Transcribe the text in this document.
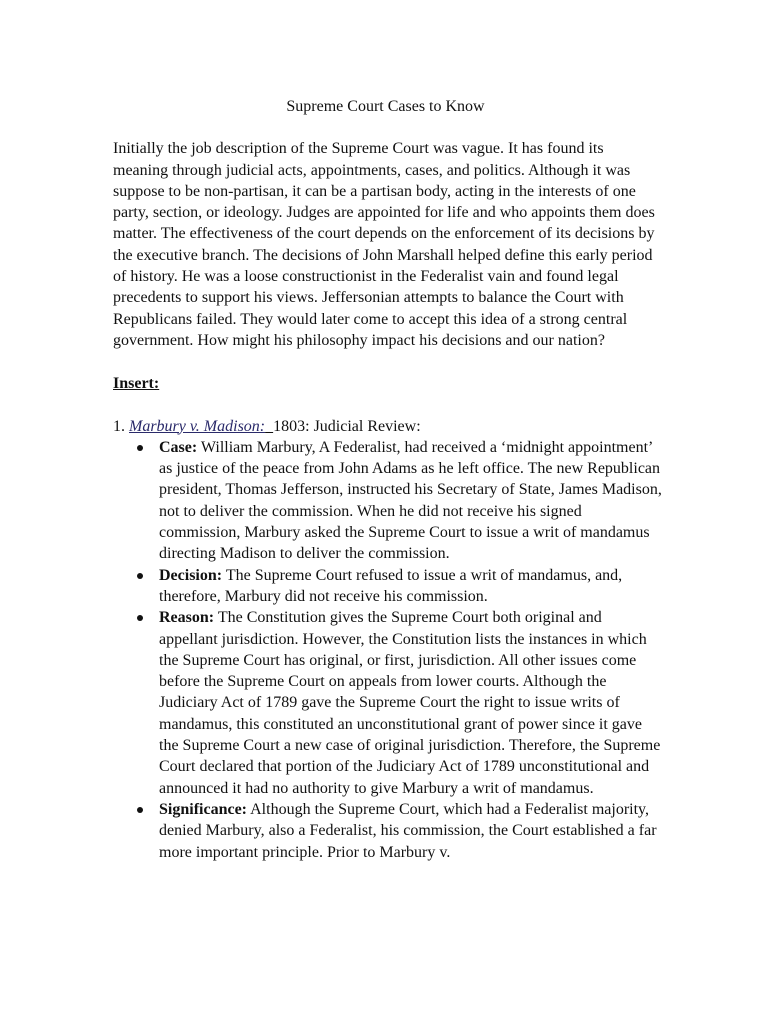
Supreme Court Cases to Know

Initially the job description of the Supreme Court was vague. It has found its meaning through judicial acts, appointments, cases, and politics. Although it was suppose to be non-partisan, it can be a partisan body, acting in the interests of one party, section, or ideology. Judges are appointed for life and who appoints them does matter. The effectiveness of the court depends on the enforcement of its decisions by the executive branch. The decisions of John Marshall helped define this early period of history. He was a loose constructionist in the Federalist vain and found legal precedents to support his views. Jeffersonian attempts to balance the Court with Republicans failed. They would later come to accept this idea of a strong central government. How might his philosophy impact his decisions and our nation?

Insert:

1. Marbury v. Madison: 1803: Judicial Review:

Case: William Marbury, A Federalist, had received a ‘midnight appointment’ as justice of the peace from John Adams as he left office. The new Republican president, Thomas Jefferson, instructed his Secretary of State, James Madison, not to deliver the commission. When he did not receive his signed commission, Marbury asked the Supreme Court to issue a writ of mandamus directing Madison to deliver the commission.
Decision: The Supreme Court refused to issue a writ of mandamus, and, therefore, Marbury did not receive his commission.
Reason: The Constitution gives the Supreme Court both original and appellant jurisdiction. However, the Constitution lists the instances in which the Supreme Court has original, or first, jurisdiction. All other issues come before the Supreme Court on appeals from lower courts. Although the Judiciary Act of 1789 gave the Supreme Court the right to issue writs of mandamus, this constituted an unconstitutional grant of power since it gave the Supreme Court a new case of original jurisdiction. Therefore, the Supreme Court declared that portion of the Judiciary Act of 1789 unconstitutional and announced it had no authority to give Marbury a writ of mandamus.
Significance: Although the Supreme Court, which had a Federalist majority, denied Marbury, also a Federalist, his commission, the Court established a far more important principle. Prior to Marbury v.
